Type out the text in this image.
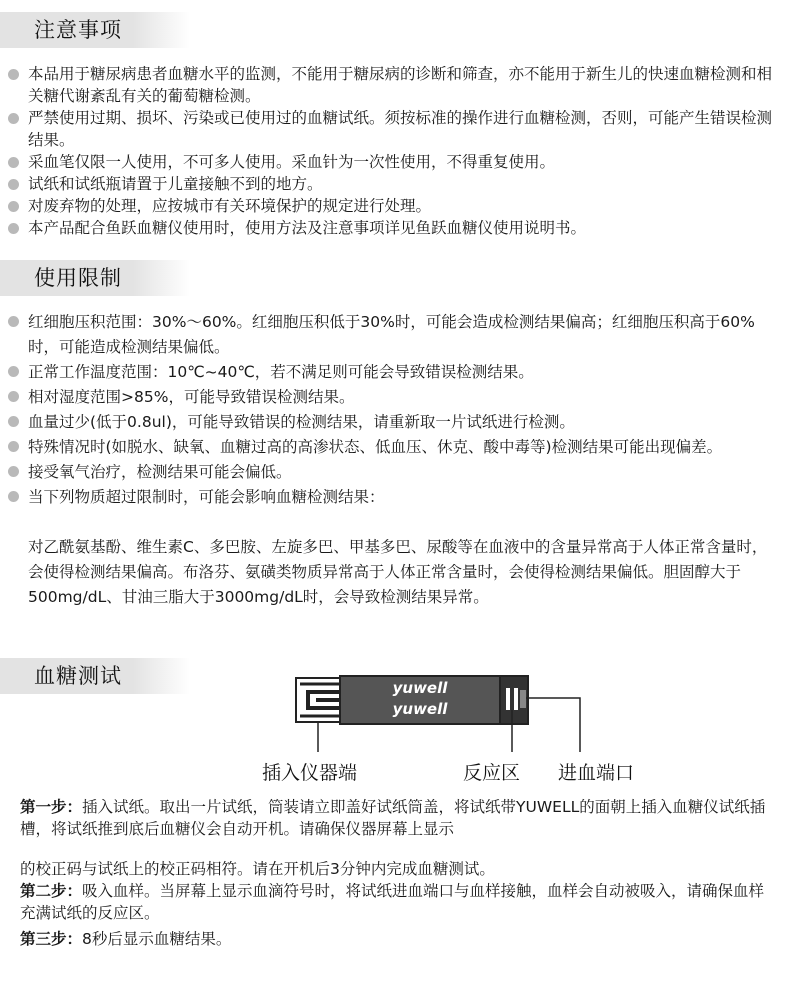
注意事项
本品用于糖尿病患者血糖水平的监测，不能用于糖尿病的诊断和筛查，亦不能用于新生儿的快速血糖检测和相关糖代谢紊乱有关的葡萄糖检测。
严禁使用过期、损坏、污染或已使用过的血糖试纸。须按标准的操作进行血糖检测，否则，可能产生错误检测结果。
采血笔仅限一人使用，不可多人使用。采血针为一次性使用，不得重复使用。
试纸和试纸瓶请置于儿童接触不到的地方。
对废弃物的处理，应按城市有关环境保护的规定进行处理。
本产品配合鱼跃血糖仪使用时，使用方法及注意事项详见鱼跃血糖仪使用说明书。
使用限制
红细胞压积范围：30%～60%。红细胞压积低于30%时，可能会造成检测结果偏高；红细胞压积高于60%时，可能造成检测结果偏低。
正常工作温度范围：10℃~40℃，若不满足则可能会导致错误检测结果。
相对湿度范围>85%，可能导致错误检测结果。
血量过少(低于0.8ul)，可能导致错误的检测结果，请重新取一片试纸进行检测。
特殊情况时(如脱水、缺氧、血糖过高的高渗状态、低血压、休克、酸中毒等)检测结果可能出现偏差。
接受氧气治疗，检测结果可能会偏低。
当下列物质超过限制时，可能会影响血糖检测结果：
对乙酰氨基酚、维生素C、多巴胺、左旋多巴、甲基多巴、尿酸等在血液中的含量异常高于人体正常含量时，会使得检测结果偏高。布洛芬、氨磺类物质异常高于人体正常含量时，会使得检测结果偏低。胆固醇大于500mg/dL、甘油三脂大于3000mg/dL时，会导致检测结果异常。
血糖测试	yuwell
yuwell
插入仪器端	反应区 进血端口
第一步：插入试纸。取出一片试纸，筒装请立即盖好试纸筒盖，将试纸带YUWELL的面朝上插入血糖仪试纸插槽，将试纸推到底后血糖仪会自动开机。请确保仪器屏幕上显示
的校正码与试纸上的校正码相符。请在开机后3分钟内完成血糖测试。
第二步：吸入血样。当屏幕上显示血滴符号时，将试纸进血端口与血样接触，血样会自动被吸入，请确保血样充满试纸的反应区。
第三步：8秒后显示血糖结果。
